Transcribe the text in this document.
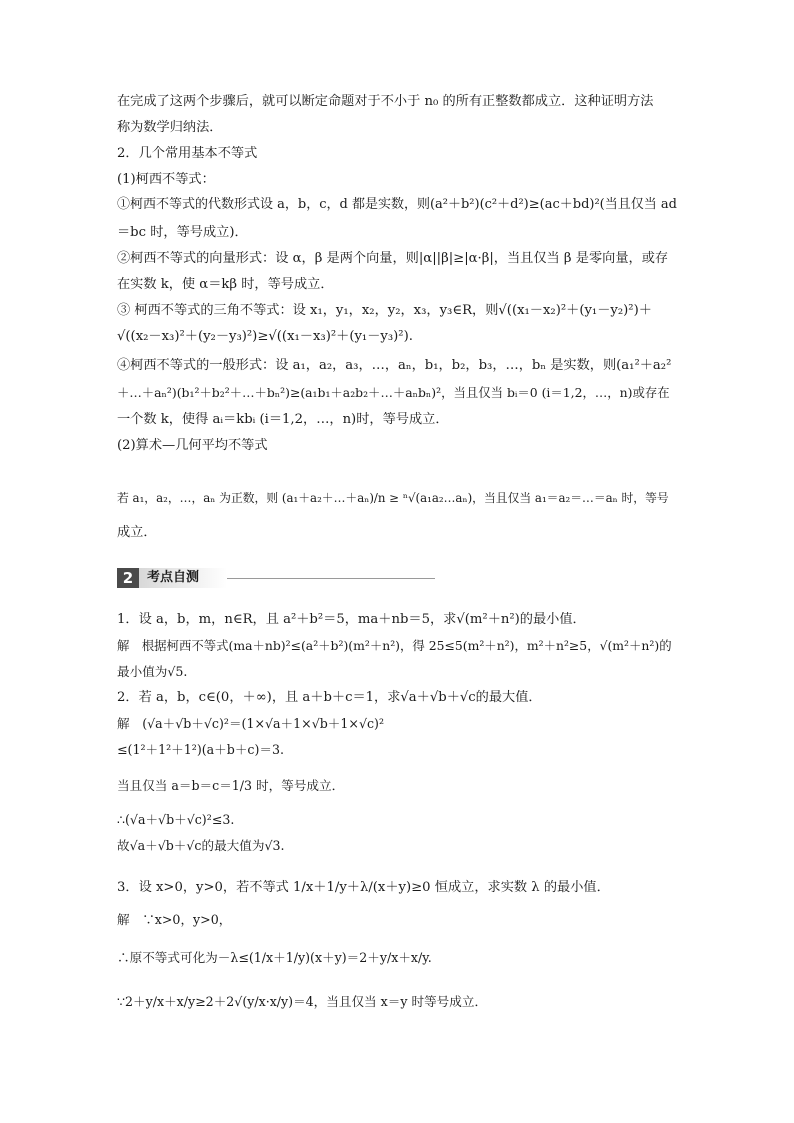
在完成了这两个步骤后，就可以断定命题对于不小于 n₀ 的所有正整数都成立．这种证明方法
称为数学归纳法．
2．几个常用基本不等式
(1)柯西不等式：
①柯西不等式的代数形式设 a，b，c，d 都是实数，则(a²＋b²)(c²＋d²)≥(ac＋bd)²(当且仅当 ad
＝bc 时，等号成立)．
②柯西不等式的向量形式：设 α，β 是两个向量，则|α||β|≥|α·β|，当且仅当 β 是零向量，或存
在实数 k，使 α＝kβ 时，等号成立．
③ 柯西不等式的三角不等式：设 x₁，y₁，x₂，y₂，x₃，y₃∈R，则√((x₁－x₂)²＋(y₁－y₂)²)＋
√((x₂－x₃)²＋(y₂－y₃)²)≥√((x₁－x₃)²＋(y₁－y₃)²).
④柯西不等式的一般形式：设 a₁，a₂，a₃，…，aₙ，b₁，b₂，b₃，…，bₙ 是实数，则(a₁²＋a₂²
＋…＋aₙ²)(b₁²＋b₂²＋…＋bₙ²)≥(a₁b₁＋a₂b₂＋…＋aₙbₙ)²，当且仅当 bᵢ＝0 (i＝1,2，…，n)或存在
一个数 k，使得 aᵢ＝kbᵢ (i＝1,2，…，n)时，等号成立．
(2)算术—几何平均不等式
若 a₁，a₂，…，aₙ 为正数，则 (a₁＋a₂＋…＋aₙ)/n ≥ ⁿ√(a₁a₂…aₙ)，当且仅当 a₁＝a₂＝…＝aₙ 时，等号
成立．
2	考点自测
1．设 a，b，m，n∈R，且 a²＋b²＝5，ma＋nb＝5，求√(m²＋n²)的最小值．
解　根据柯西不等式(ma＋nb)²≤(a²＋b²)(m²＋n²)，得 25≤5(m²＋n²)，m²＋n²≥5，√(m²＋n²)的
最小值为√5.
2．若 a，b，c∈(0，＋∞)，且 a＋b＋c＝1，求√a＋√b＋√c的最大值．
解　(√a＋√b＋√c)²＝(1×√a＋1×√b＋1×√c)²
≤(1²＋1²＋1²)(a＋b＋c)＝3.
当且仅当 a＝b＝c＝1/3 时，等号成立．
∴(√a＋√b＋√c)²≤3.
故√a＋√b＋√c的最大值为√3.
3．设 x>0，y>0，若不等式 1/x＋1/y＋λ/(x＋y)≥0 恒成立，求实数 λ 的最小值．
解　∵x>0，y>0，
∴原不等式可化为－λ≤(1/x＋1/y)(x＋y)＝2＋y/x＋x/y.
∵2＋y/x＋x/y≥2＋2√(y/x·x/y)＝4，当且仅当 x＝y 时等号成立．
